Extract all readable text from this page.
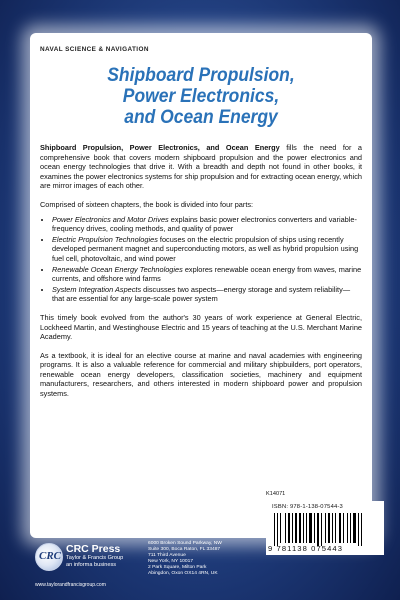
NAVAL SCIENCE & NAVIGATION
Shipboard Propulsion,
Power Electronics,
and Ocean Energy
Shipboard Propulsion, Power Electronics, and Ocean Energy fills the need for a comprehensive book that covers modern shipboard propulsion and the power electronics and ocean energy technologies that drive it. With a breadth and depth not found in other books, it examines the power electronics systems for ship propulsion and for extracting ocean energy, which are mirror images of each other.
Comprised of sixteen chapters, the book is divided into four parts:
• Power Electronics and Motor Drives explains basic power electronics converters and variable-frequency drives, cooling methods, and quality of power
• Electric Propulsion Technologies focuses on the electric propulsion of ships using recently developed permanent magnet and superconducting motors, as well as hybrid propulsion using fuel cell, photovoltaic, and wind power
• Renewable Ocean Energy Technologies explores renewable ocean energy from waves, marine currents, and offshore wind farms
• System Integration Aspects discusses two aspects—energy storage and system reliability—that are essential for any large-scale power system
This timely book evolved from the author's 30 years of work experience at General Electric, Lockheed Martin, and Westinghouse Electric and 15 years of teaching at the U.S. Merchant Marine Academy.
As a textbook, it is ideal for an elective course at marine and naval academies with engineering programs. It is also a valuable reference for commercial and military shipbuilders, port operators, renewable ocean energy developers, classification societies, machinery and equipment manufacturers, researchers, and others interested in modern shipboard power and propulsion systems.
CRC
CRC Press
Taylor & Francis Group
an informa business
6000 Broken Sound Parkway, NW
Suite 300, Boca Raton, FL 33487
711 Third Avenue
New York, NY 10017
2 Park Square, Milton Park
Abingdon, Oxon OX14 4RN, UK
www.taylorandfrancisgroup.com
K14071
ISBN: 978-1-138-07544-3
9 781138 075443
